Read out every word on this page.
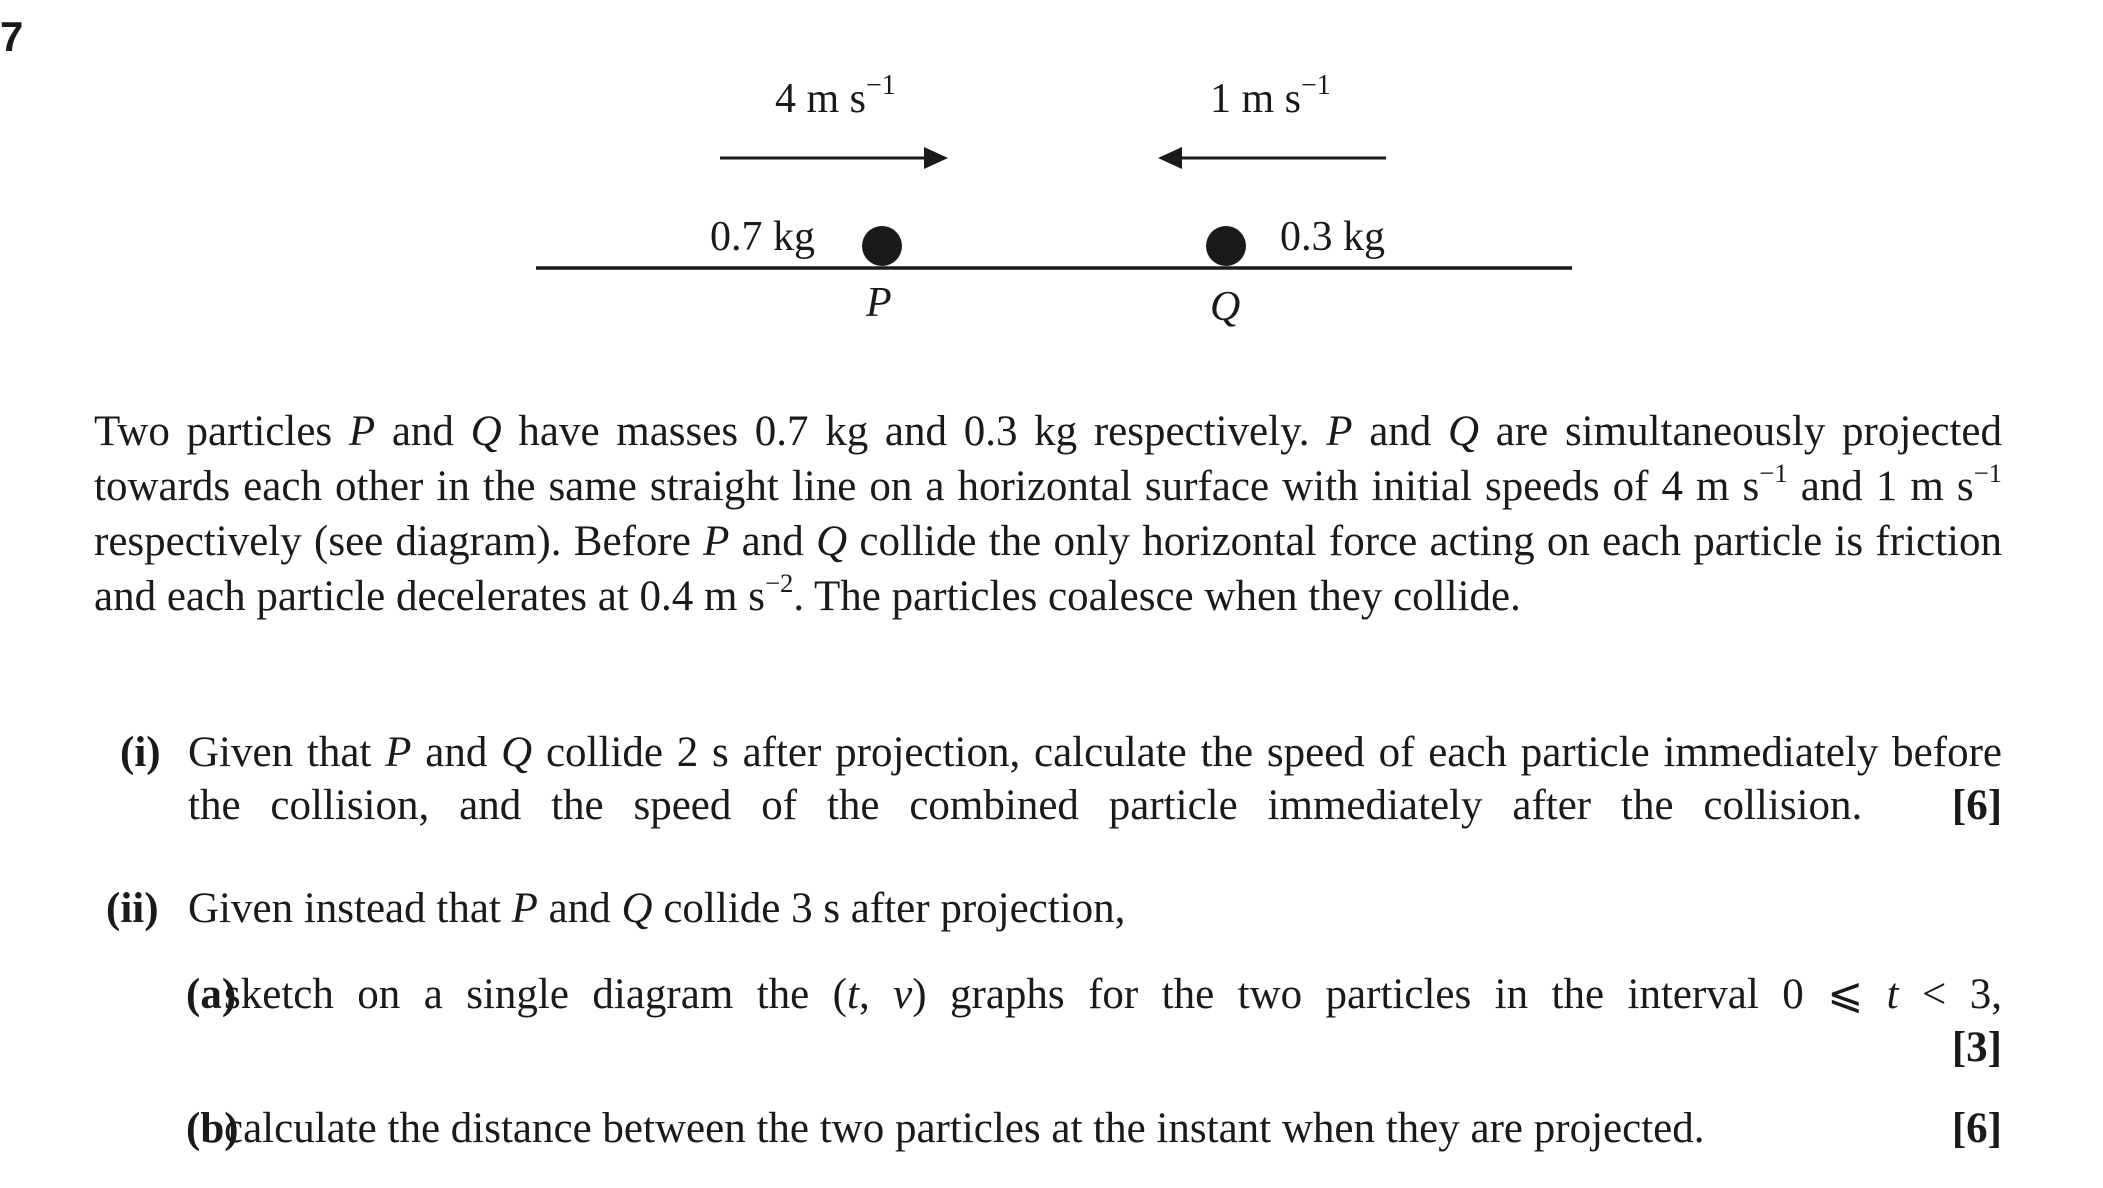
7
4 m $s^{-1}$	1 m $s^{-1}$
0.7 kg	0.3 kg
P	Q
Two particles P and Q have masses 0.7 kg and 0.3 kg respectively. P and Q are simultaneously projected towards each other in the same straight line on a horizontal surface with initial speeds of 4 m $s^{-1}$ and 1 m $s^{-1}$ respectively (see diagram). Before P and Q collide the only horizontal force acting on each particle is friction and each particle decelerates at 0.4 m $s^{-2}$. The particles coalesce when they collide.
(i) Given that P and Q collide 2 s after projection, calculate the speed of each particle immediately before the collision, and the speed of the combined particle immediately after the collision. [6]
(ii) Given instead that P and Q collide 3 s after projection,
(a)
sketch on a single diagram the (t, v) graphs for the two particles in the interval 0 ⩽ t < 3,
[3]
(b)
calculate the distance between the two particles at the instant when they are projected.	[6]
